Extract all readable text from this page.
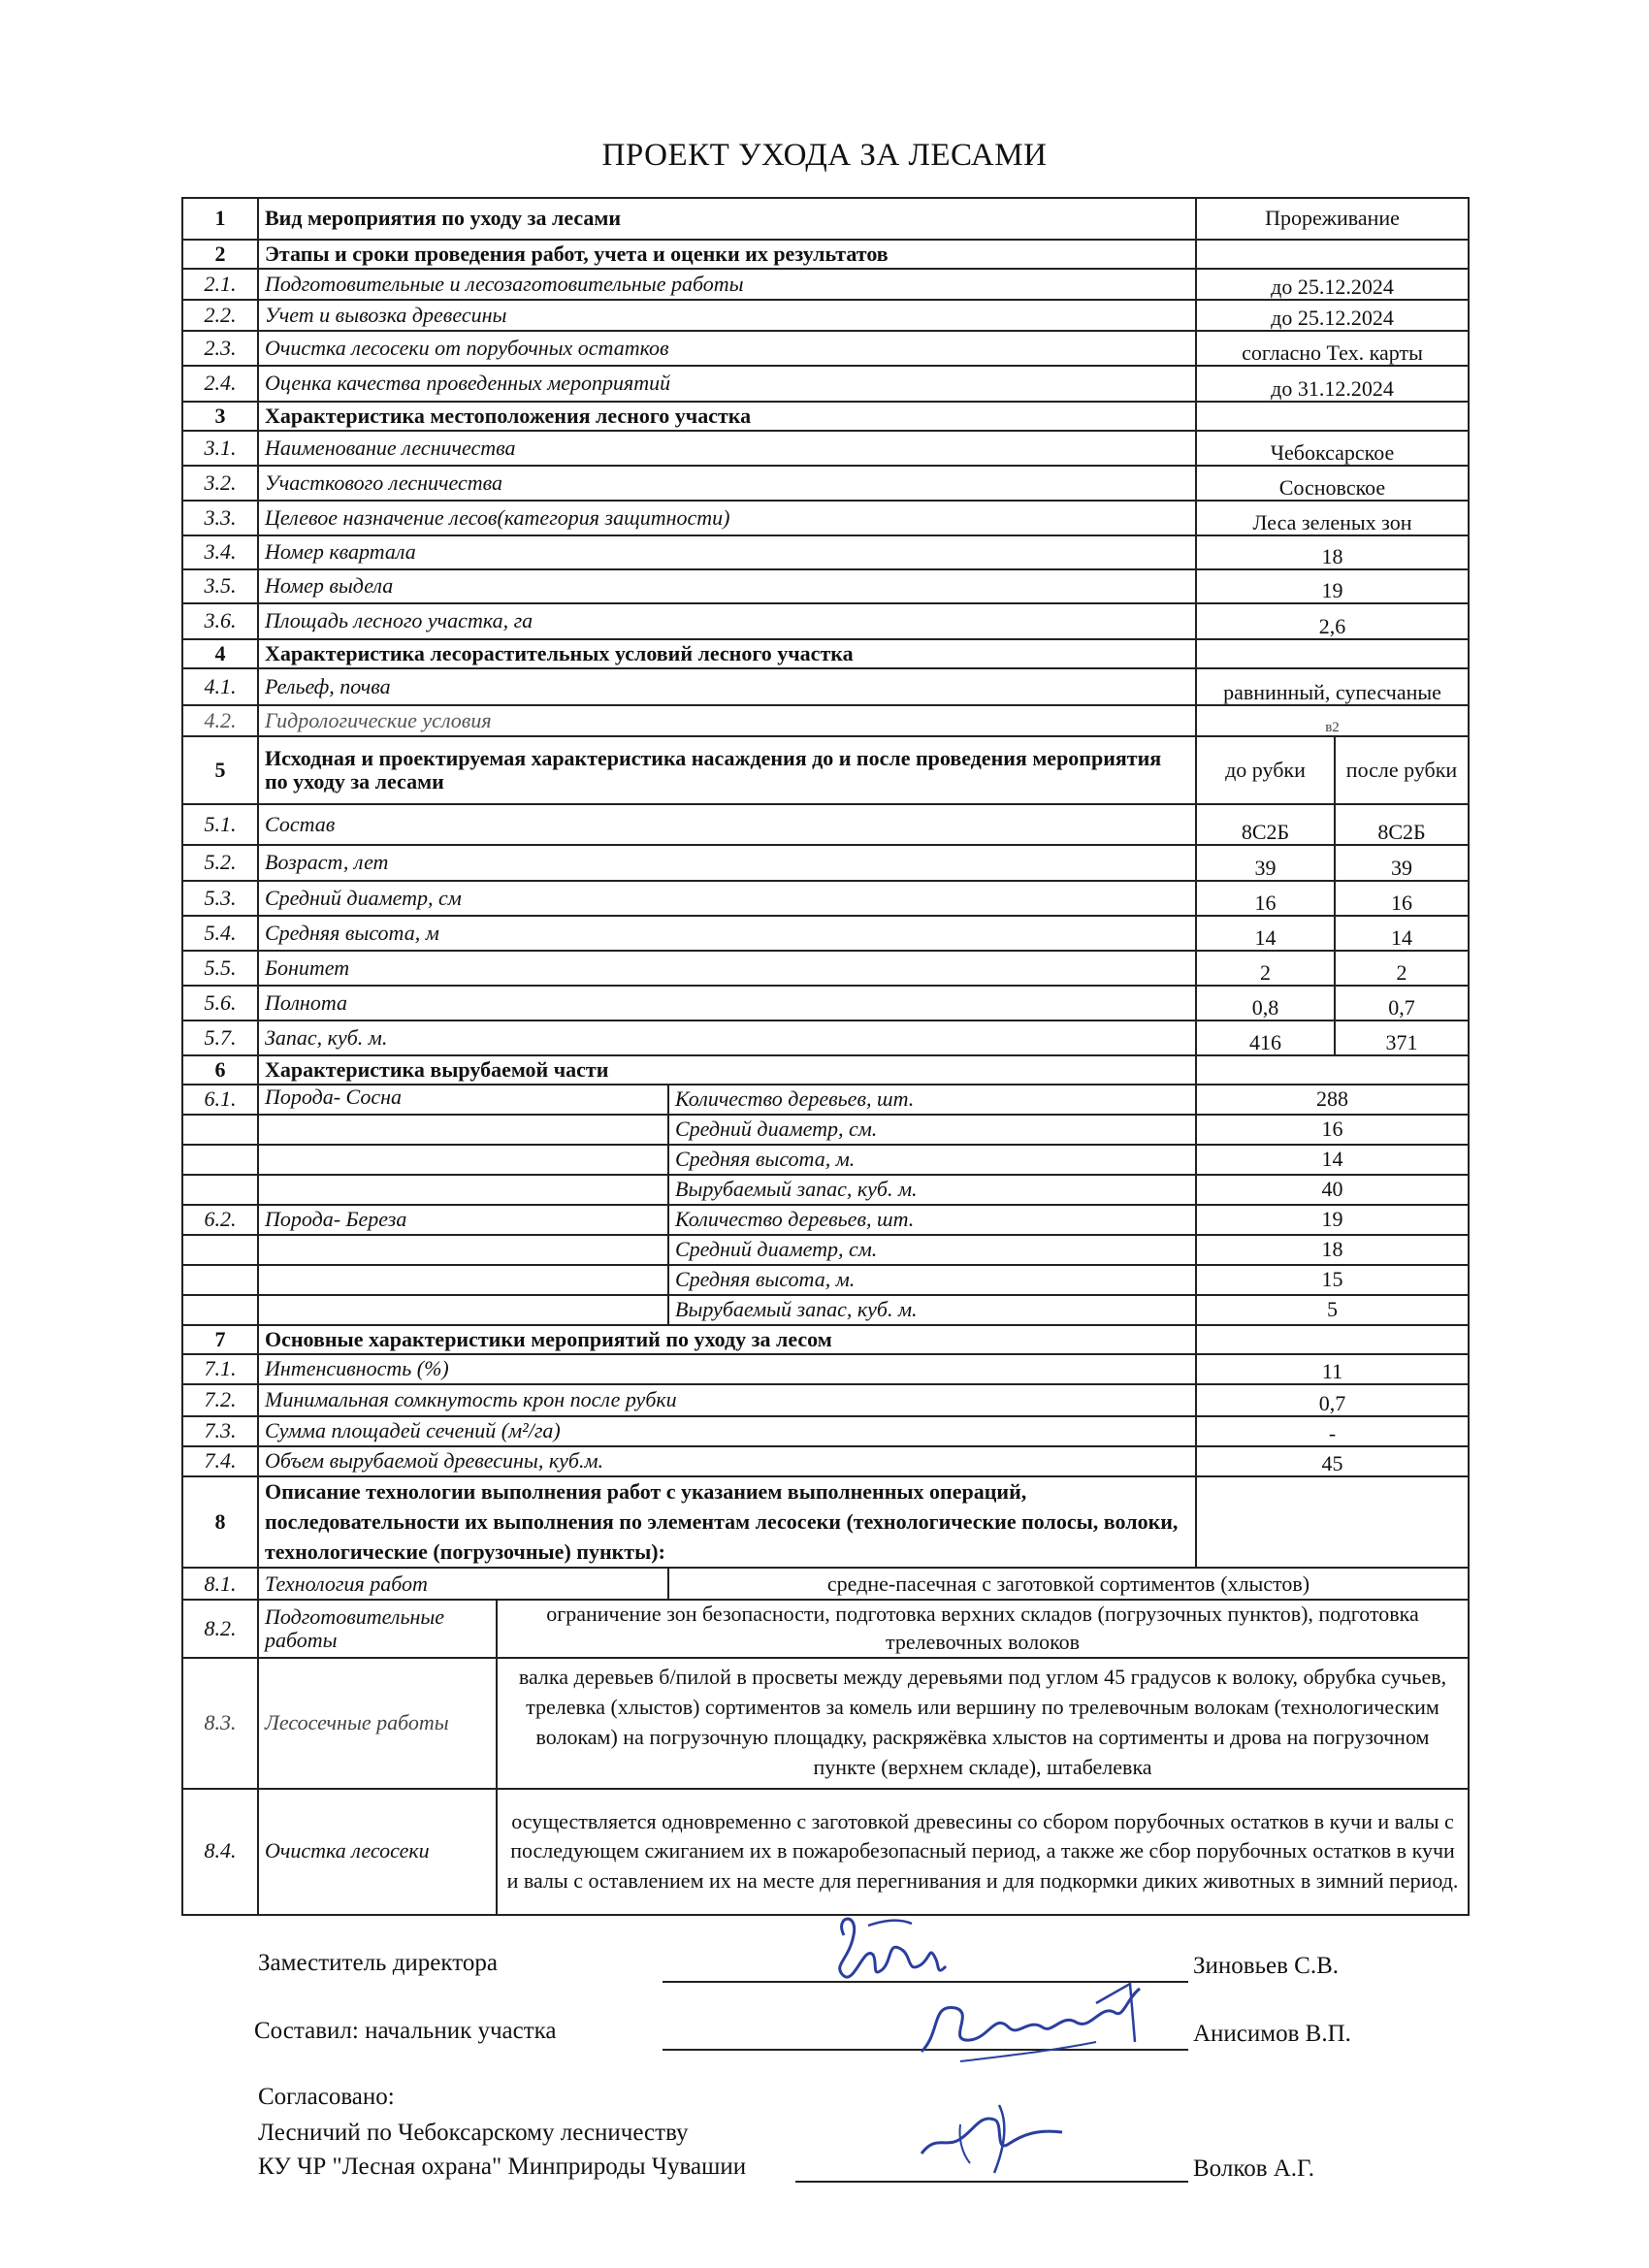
ПРОЕКТ УХОДА ЗА ЛЕСАМИ
1	Вид мероприятия по уходу за лесами			Прореживание	
2	Этапы и сроки проведения работ, учета и оценки их результатов				
2.1.	Подготовительные и лесозаготовительные работы			до 25.12.2024	
2.2.	Учет и вывозка древесины			до 25.12.2024	
2.3.	Очистка лесосеки от порубочных остатков			согласно Тех. карты	
2.4.	Оценка качества проведенных мероприятий			до 31.12.2024	
3	Характеристика местоположения лесного участка				
3.1.	Наименование лесничества			Чебоксарское	
3.2.	Участкового лесничества			Сосновское	
3.3.	Целевое назначение лесов(категория защитности)			Леса зеленых зон	
3.4.	Номер квартала			18	
3.5.	Номер выдела			19	
3.6.	Площадь лесного участка, га			2,6	
4	Характеристика лесорастительных условий лесного участка				
4.1.	Рельеф, почва			равнинный, супесчаные	
4.2.	Гидрологические условия			в2	
5	Исходная и проектируемая характеристика насаждения до и после проведения мероприятия по уходу за лесами			до рубки	после рубки
5.1.	Состав			8С2Б	8С2Б
5.2.	Возраст, лет			39	39
5.3.	Средний диаметр, см			16	16
5.4.	Средняя высота, м			14	14
5.5.	Бонитет			2	2
5.6.	Полнота			0,8	0,7
5.7.	Запас, куб. м.			416	371
6	Характеристика вырубаемой части				
6.1.	Порода- Сосна		Количество деревьев, шт.	288	
			Средний диаметр, см.	16	
			Средняя высота, м.	14	
			Вырубаемый запас, куб. м.	40	
6.2.	Порода- Береза		Количество деревьев, шт.	19	
			Средний диаметр, см.	18	
			Средняя высота, м.	15	
			Вырубаемый запас, куб. м.	5	
7	Основные характеристики мероприятий по уходу за лесом				
7.1.	Интенсивность (%)			11	
7.2.	Минимальная сомкнутость крон после рубки			0,7	
7.3.	Сумма площадей сечений (м²/га)			-	
7.4.	Объем вырубаемой древесины, куб.м.			45	
8	Описание технологии выполнения работ с указанием выполненных операций, последовательности их выполнения по элементам лесосеки (технологические полосы, волоки, технологические (погрузочные) пункты):				
8.1.	Технология работ		средне-пасечная с заготовкой сортиментов (хлыстов)		
8.2.	Подготовительные работы	ограничение зон безопасности, подготовка верхних складов (погрузочных пунктов), подготовка трелевочных волоков			
8.3.	Лесосечные работы	валка деревьев б/пилой в просветы между деревьями под углом 45 градусов к волоку, обрубка сучьев, трелевка (хлыстов) сортиментов за комель или вершину по трелевочным волокам (технологическим волокам) на погрузочную площадку, раскряжёвка хлыстов на сортименты и дрова на погрузочном пункте (верхнем складе), штабелевка			
8.4.	Очистка лесосеки	осуществляется одновременно с заготовкой древесины со сбором порубочных остатков в кучи и валы с последующем сжиганием их в пожаробезопасный период, а также же сбор порубочных остатков в кучи и валы с оставлением их на месте для перегнивания и для подкормки диких животных в зимний период.			
Заместитель директора	Зиновьев С.В.
Составил: начальник участка	Анисимов В.П.
Согласовано:
Лесничий по Чебоксарскому лесничеству
КУ ЧР "Лесная охрана" Минприроды Чувашии	Волков А.Г.
